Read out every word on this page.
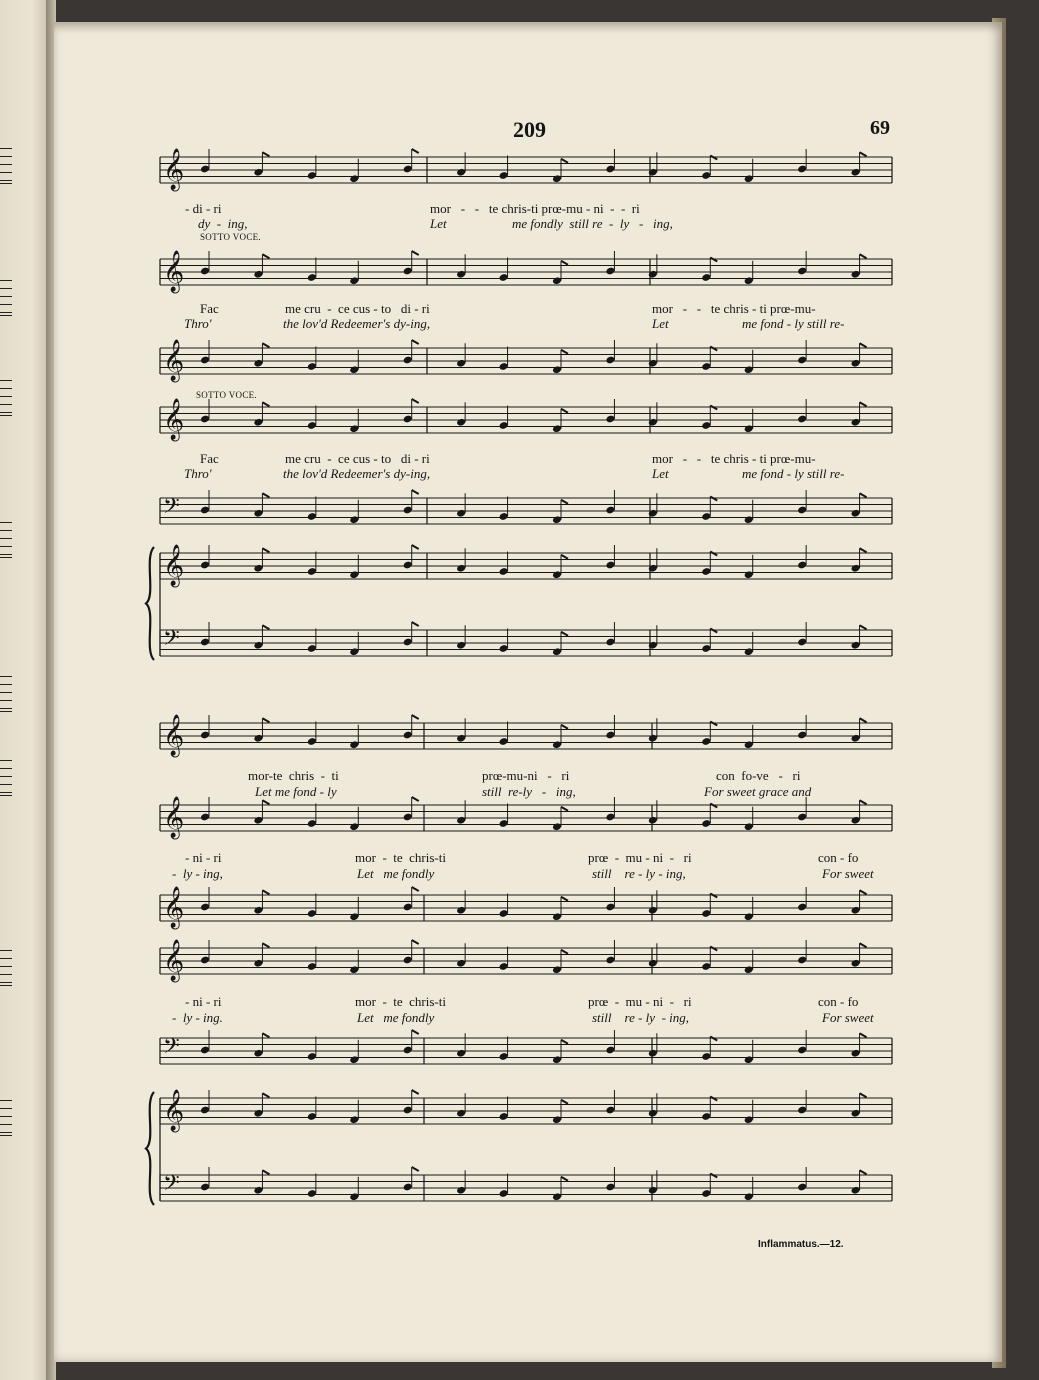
209	69
𝄞
𝄞
𝄞
𝄞
𝄢
𝄞
𝄢
𝄞
𝄞
𝄞
𝄞
𝄢
𝄞
𝄢
- di - ri	mor   -   -   te chris-ti prœ-mu - ni  -  -  ri
dy  -  ing,	Let	me fondly  still re  -  ly   -   ing,
SOTTO VOCE.
Fac	me cru  -  ce cus - to   di - ri	mor   -   -   te chris - ti prœ-mu-
Thro'	the lov'd Redeemer's dy-ing,	Let	me fond - ly still re-
SOTTO VOCE.
Fac	me cru  -  ce cus - to   di - ri	mor   -   -   te chris - ti prœ-mu-
Thro'	the lov'd Redeemer's dy-ing,	Let	me fond - ly still re-
mor-te  chris  -  ti	prœ-mu-ni   -   ri	con  fo-ve   -   ri
Let me fond - ly	still  re-ly   -   ing,	For sweet grace and
- ni - ri	mor  -  te  chris-ti	prœ  -  mu - ni  -   ri	con - fo
-  ly - ing,	Let   me fondly	still    re - ly - ing,	For sweet
- ni - ri	mor  -  te  chris-ti	prœ  -  mu - ni  -   ri	con - fo
-  ly - ing.	Let   me fondly	still    re - ly  - ing,	For sweet
Inflammatus.—12.
